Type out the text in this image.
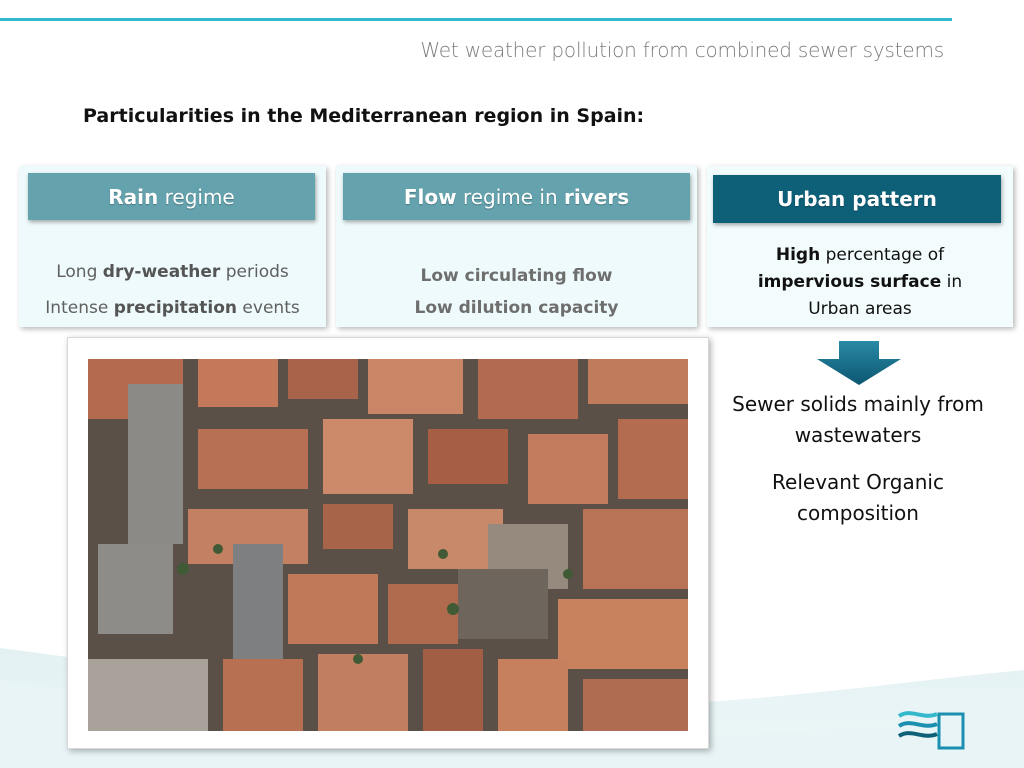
Wet weather pollution from combined sewer systems
Particularities in the Mediterranean region in Spain:
Rain regime
Long dry-weather periods
Intense precipitation events
Flow regime in rivers
Low circulating flow
Low dilution capacity
Urban pattern
High percentage of
impervious surface in
Urban areas
Sewer solids mainly from
wastewaters
Relevant Organic
composition
